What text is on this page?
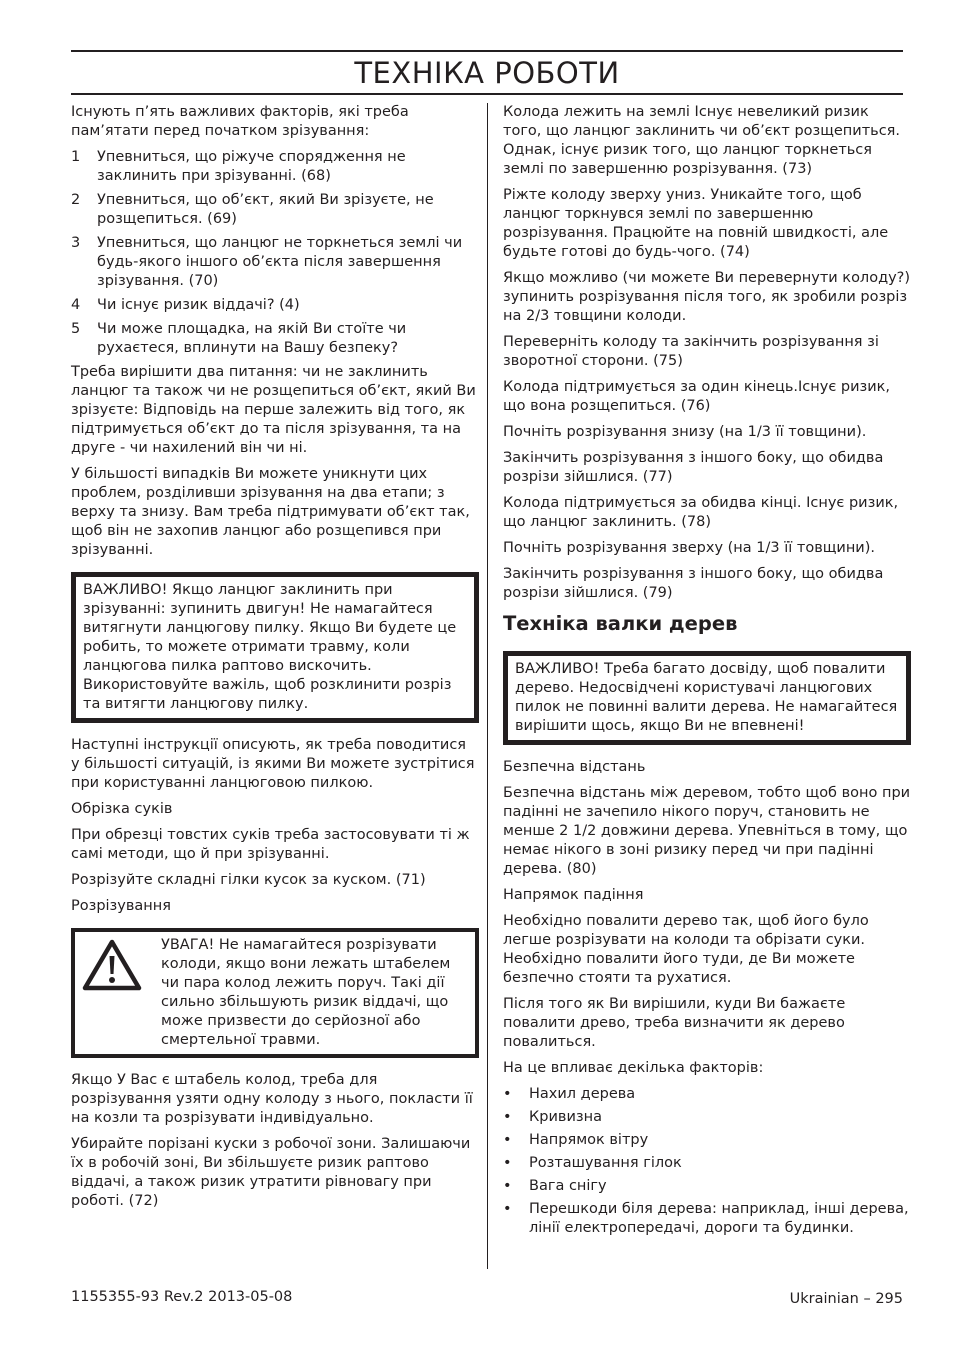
ТЕХНІКА РОБОТИ

Існують п’ять важливих факторів, які треба пам’ятати перед початком зрізування:

1	Упевниться, що ріжуче спорядження не заклинить при зрізуванні. (68)
2	Упевниться, що об’єкт, який Ви зрізуєте, не розщепиться. (69)
3	Упевниться, що ланцюг не торкнеться землі чи будь-якого іншого об’єкта після завершення зрізування. (70)
4	Чи існує ризик віддачі? (4)
5	Чи може площадка, на якій Ви стоїте чи рухаєтеся, вплинути на Вашу безпеку?

Треба вирішити два питання: чи не заклинить ланцюг та також чи не розщепиться об’єкт, який Ви зрізуєте: Відповідь на перше залежить від того, як підтримується об’єкт до та після зрізування, та на друге - чи нахилений він чи ні.

У більшості випадків Ви можете уникнути цих проблем, розділивши зрізування на два етапи; з верху та знизу. Вам треба підтримувати об’єкт так, щоб він не захопив ланцюг або розщепився при зрізуванні.

ВАЖЛИВО! Якщо ланцюг заклинить при зрізуванні: зупинить двигун! Не намагайтеся витягнути ланцюгову пилку. Якщо Ви будете це робить, то можете отримати травму, коли ланцюгова пилка раптово вискочить. Використовуйте важіль, щоб розклинити розріз та витягти ланцюгову пилку.

Наступні інструкції описують, як треба поводитися у більшості ситуацій, із якими Ви можете зустрітися при користуванні ланцюговою пилкою.

Обрізка суків

При обрезці товстих суків треба застосовувати ті ж самі методи, що й при зрізуванні.

Розрізуйте складні гілки кусок за куском. (71)

Розрізування

УВАГА! Не намагайтеся розрізувати колоди, якщо вони лежать штабелем чи пара колод лежить поруч. Такі дії сильно збільшують ризик віддачі, що може призвести до серйозної або смертельної травми.

Якщо У Вас є штабель колод, треба для розрізування узяти одну колоду з нього, покласти її на козли та розрізувати індивідуально.

Убирайте порізані куски з робочої зони. Залишаючи їх в робочій зоні, Ви збільшуєте ризик раптово віддачі, а також ризик утратити рівновагу при роботі. (72)

Колода лежить на землі Існує невеликий ризик того, що ланцюг заклинить чи об’єкт розщепиться. Однак, існує ризик того, що ланцюг торкнеться землі по завершенню розрізування. (73)

Ріжте колоду зверху униз. Уникайте того, щоб ланцюг торкнувся землі по завершенню розрізування. Працюйте на повній швидкості, але будьте готові до будь-чого. (74)

Якщо можливо (чи можете Ви перевернути колоду?) зупинить розрізування після того, як зробили розріз на 2/3 товщини колоди.

Переверніть колоду та закінчить розрізування зі зворотної сторони. (75)

Колода підтримується за один кінець.Існує ризик, що вона розщепиться. (76)

Почніть розрізування знизу (на 1/3 її товщини).

Закінчить розрізування з іншого боку, що обидва розрізи зійшлися. (77)

Колода підтримується за обидва кінці. Існує ризик, що ланцюг заклинить. (78)

Почніть розрізування зверху (на 1/3 її товщини).

Закінчить розрізування з іншого боку, що обидва розрізи зійшлися. (79)

Техніка валки дерев

ВАЖЛИВО! Треба багато досвіду, щоб повалити дерево. Недосвідчені користувачі ланцюгових пилок не повинні валити дерева. Не намагайтеся вирішити щось, якщо Ви не впевнені!

Безпечна відстань

Безпечна відстань між деревом, тобто щоб воно при падінні не зачепило нікого поруч, становить не менше 2 1/2 довжини дерева. Упевніться в тому, що немає нікого в зоні ризику перед чи при падінні дерева. (80)

Напрямок падіння

Необхідно повалити дерево так, щоб його було легше розрізувати на колоди та обрізати суки. Необхідно повалити його туди, де Ви можете безпечно стояти та рухатися.

Після того як Ви вирішили, куди Ви бажаєте повалити древо, треба визначити як дерево повалиться.

На це впливає декілька факторів:

•	Нахил дерева
•	Кривизна
•	Напрямок вітру
•	Розташування гілок
•	Вага снігу
•	Перешкоди біля дерева: наприклад, інші дерева, лінії електропередачі, дороги та будинки.
1155355-93 Rev.2 2013-05-08	Ukrainian – 295
